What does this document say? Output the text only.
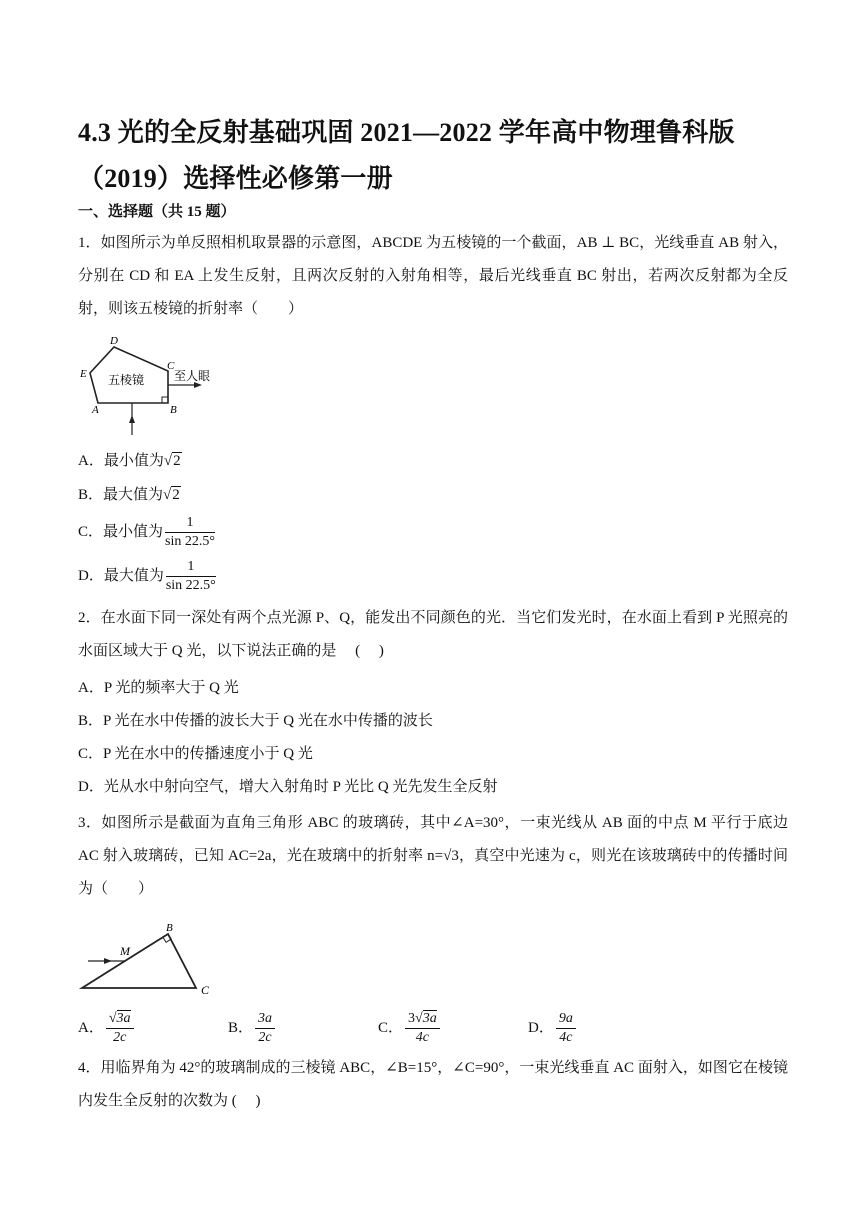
4.3 光的全反射基础巩固 2021—2022 学年高中物理鲁科版（2019）选择性必修第一册
一、选择题（共 15 题）
1．如图所示为单反照相机取景器的示意图，ABCDE 为五棱镜的一个截面，AB ⊥ BC，光线垂直 AB 射入，分别在 CD 和 EA 上发生反射，且两次反射的入射角相等，最后光线垂直 BC 射出，若两次反射都为全反射，则该五棱镜的折射率（　　）
五棱镜 至人眼
D
E
C
A	B
A．最小值为√2
B．最大值为√2
C．最小值为 $\frac{1}{\sin 22.5^\circ}$
D．最大值为 $\frac{1}{\sin 22.5^\circ}$
2．在水面下同一深处有两个点光源 P、Q，能发出不同颜色的光．当它们发光时，在水面上看到 P 光照亮的水面区域大于 Q 光，以下说法正确的是　 (　 )
A．P 光的频率大于 Q 光
B．P 光在水中传播的波长大于 Q 光在水中传播的波长
C．P 光在水中的传播速度小于 Q 光
D．光从水中射向空气，增大入射角时 P 光比 Q 光先发生全反射
3．如图所示是截面为直角三角形 ABC 的玻璃砖，其中∠A=30°，一束光线从 AB 面的中点 M 平行于底边 AC 射入玻璃砖，已知 AC=2a，光在玻璃中的折射率 n=√3，真空中光速为 c，则光在该玻璃砖中的传播时间为（　　）
M
B
C
A． $\frac{√3a}{2c}$	B． $\frac{3a}{2c}$	C． $\frac{3√3a}{4c}$	D． $\frac{9a}{4c}$
4．用临界角为 42°的玻璃制成的三棱镜 ABC，∠B=15°，∠C=90°，一束光线垂直 AC 面射入，如图它在棱镜内发生全反射的次数为 (　 )
